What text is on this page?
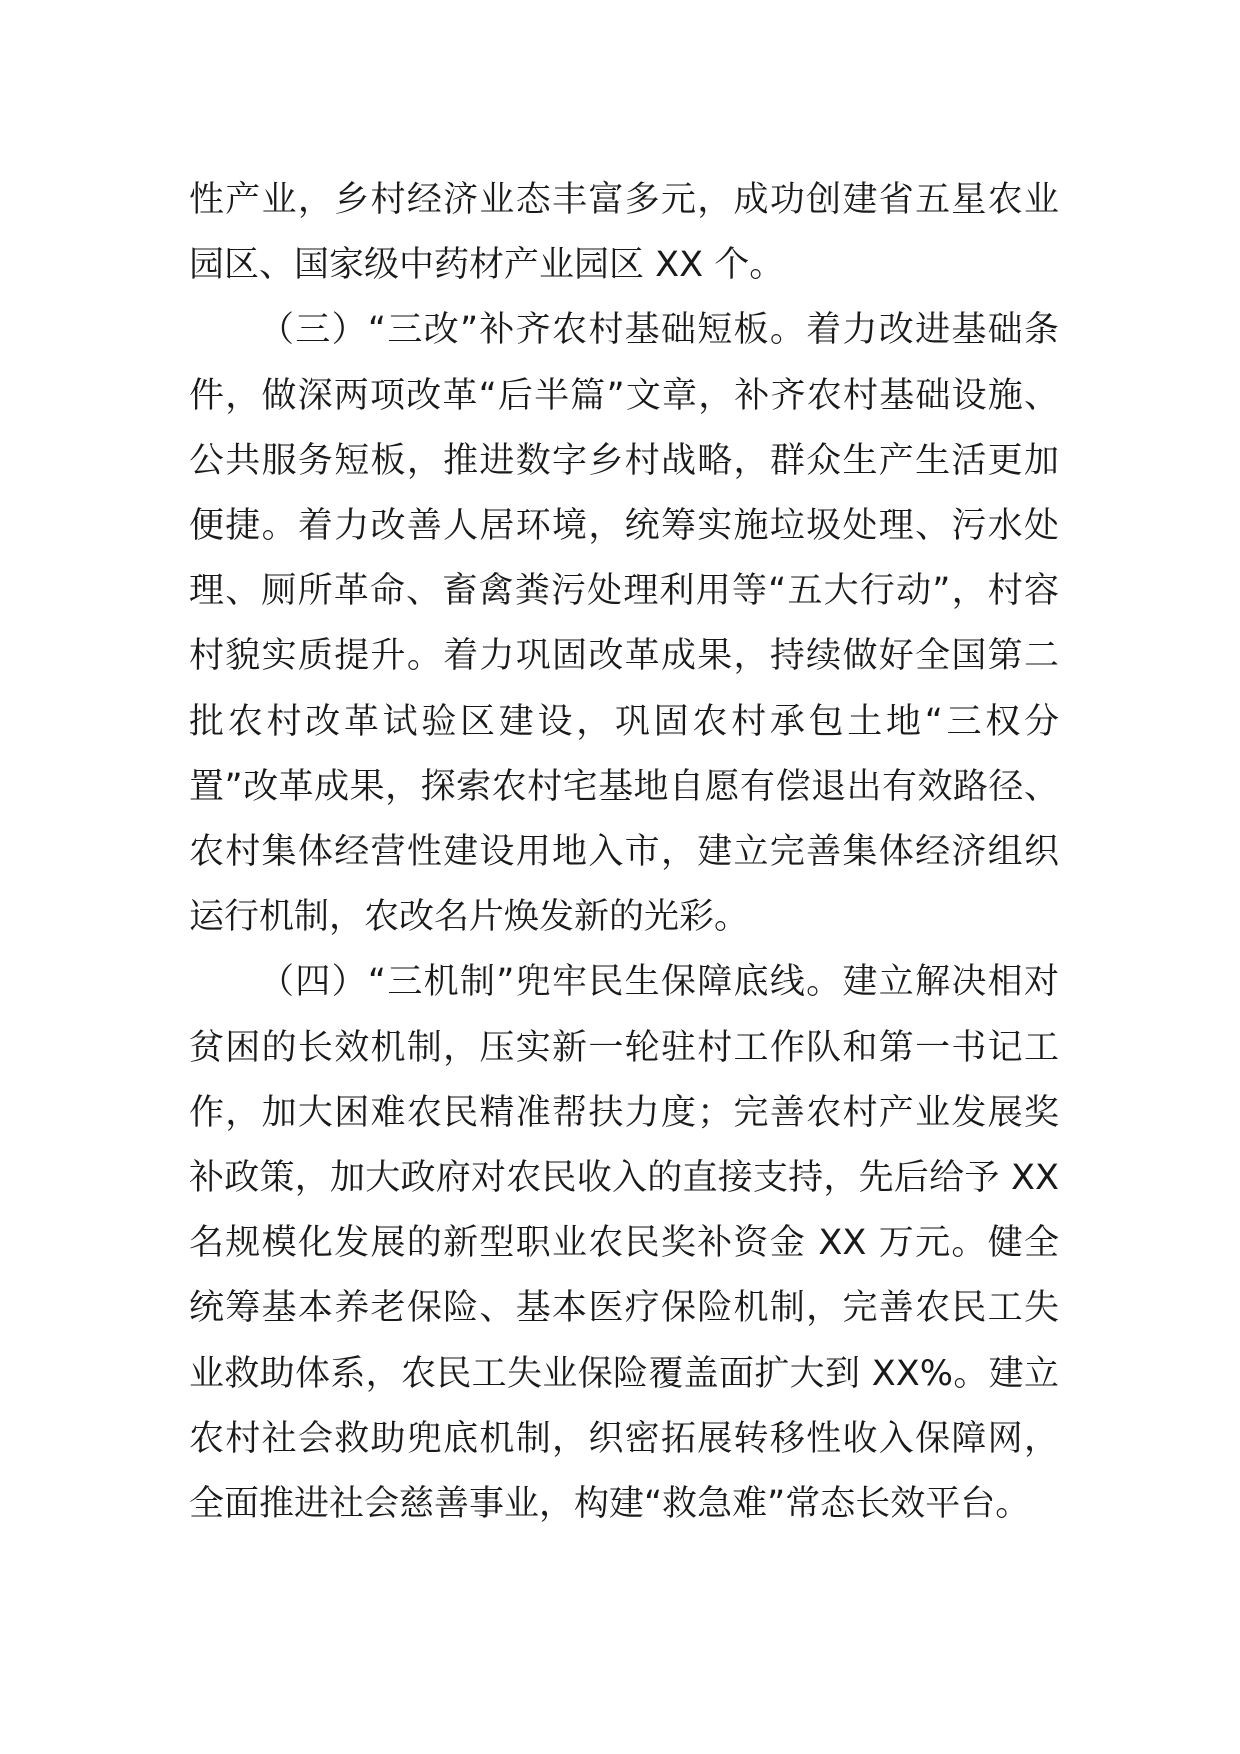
性产业，乡村经济业态丰富多元，成功创建省五星农业园区、国家级中药材产业园区 XX 个。

（三）“三改”补齐农村基础短板。着力改进基础条件，做深两项改革“后半篇”文章，补齐农村基础设施、公共服务短板，推进数字乡村战略，群众生产生活更加便捷。着力改善人居环境，统筹实施垃圾处理、污水处理、厕所革命、畜禽粪污处理利用等“五大行动”，村容村貌实质提升。着力巩固改革成果，持续做好全国第二批农村改革试验区建设，巩固农村承包土地“三权分置”改革成果，探索农村宅基地自愿有偿退出有效路径、农村集体经营性建设用地入市，建立完善集体经济组织运行机制，农改名片焕发新的光彩。

（四）“三机制”兜牢民生保障底线。建立解决相对贫困的长效机制，压实新一轮驻村工作队和第一书记工作，加大困难农民精准帮扶力度；完善农村产业发展奖补政策，加大政府对农民收入的直接支持，先后给予 XX 名规模化发展的新型职业农民奖补资金 XX 万元。健全统筹基本养老保险、基本医疗保险机制，完善农民工失业救助体系，农民工失业保险覆盖面扩大到 XX%。建立农村社会救助兜底机制，织密拓展转移性收入保障网，全面推进社会慈善事业，构建“救急难”常态长效平台。
